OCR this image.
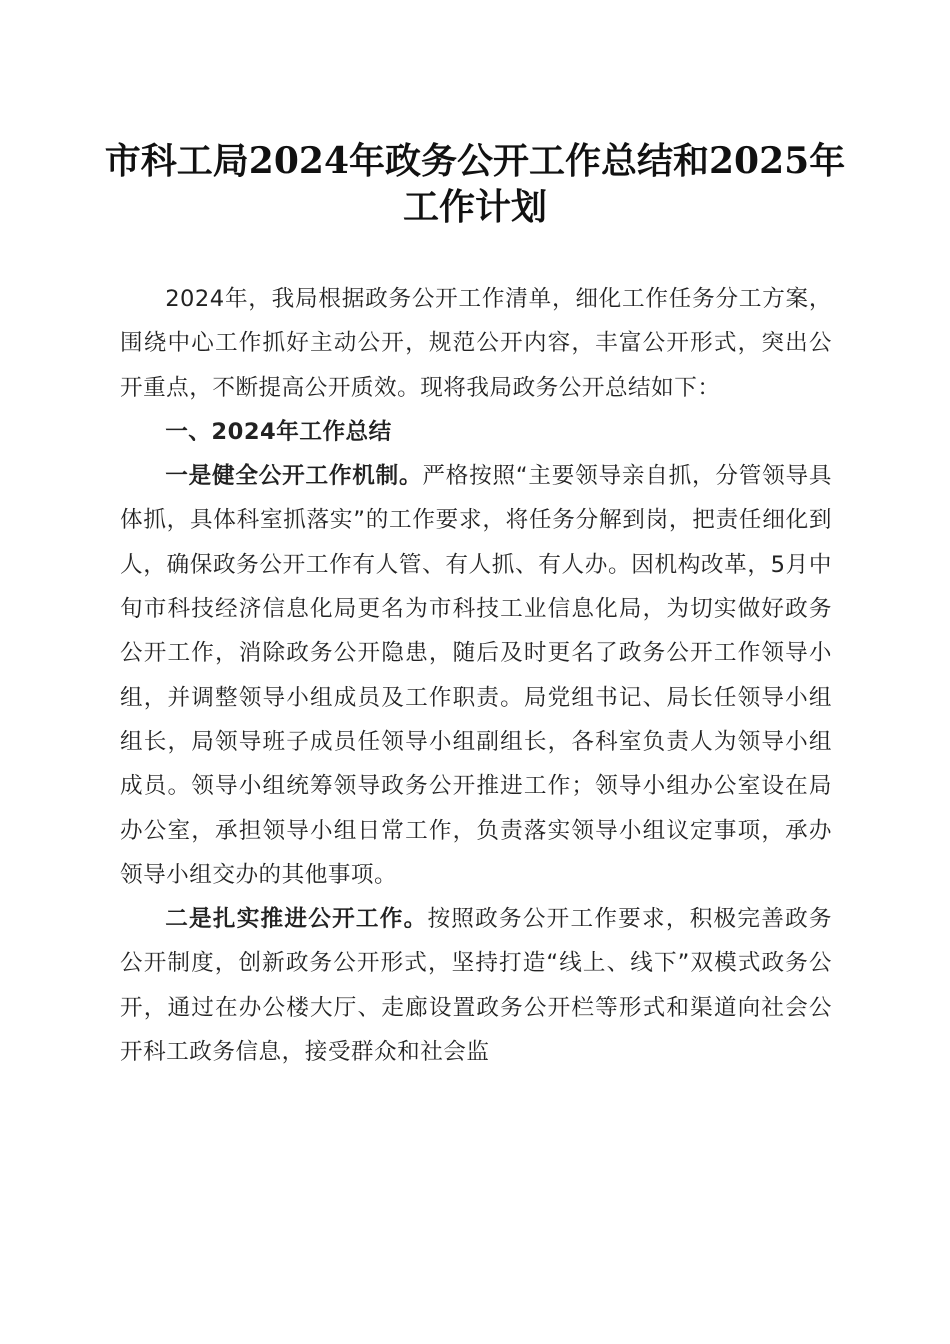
市科工局2024年政务公开工作总结和2025年
工作计划

2024年，我局根据政务公开工作清单，细化工作任务分工方案，围绕中心工作抓好主动公开，规范公开内容，丰富公开形式，突出公开重点，不断提高公开质效。现将我局政务公开总结如下：

一、2024年工作总结

一是健全公开工作机制。严格按照“主要领导亲自抓，分管领导具体抓，具体科室抓落实”的工作要求，将任务分解到岗，把责任细化到人，确保政务公开工作有人管、有人抓、有人办。因机构改革，5月中旬市科技经济信息化局更名为市科技工业信息化局，为切实做好政务公开工作，消除政务公开隐患，随后及时更名了政务公开工作领导小组，并调整领导小组成员及工作职责。局党组书记、局长任领导小组组长，局领导班子成员任领导小组副组长，各科室负责人为领导小组成员。领导小组统筹领导政务公开推进工作；领导小组办公室设在局办公室，承担领导小组日常工作，负责落实领导小组议定事项，承办领导小组交办的其他事项。

二是扎实推进公开工作。按照政务公开工作要求，积极完善政务公开制度，创新政务公开形式，坚持打造“线上、线下”双模式政务公开，通过在办公楼大厅、走廊设置政务公开栏等形式和渠道向社会公开科工政务信息，接受群众和社会监
